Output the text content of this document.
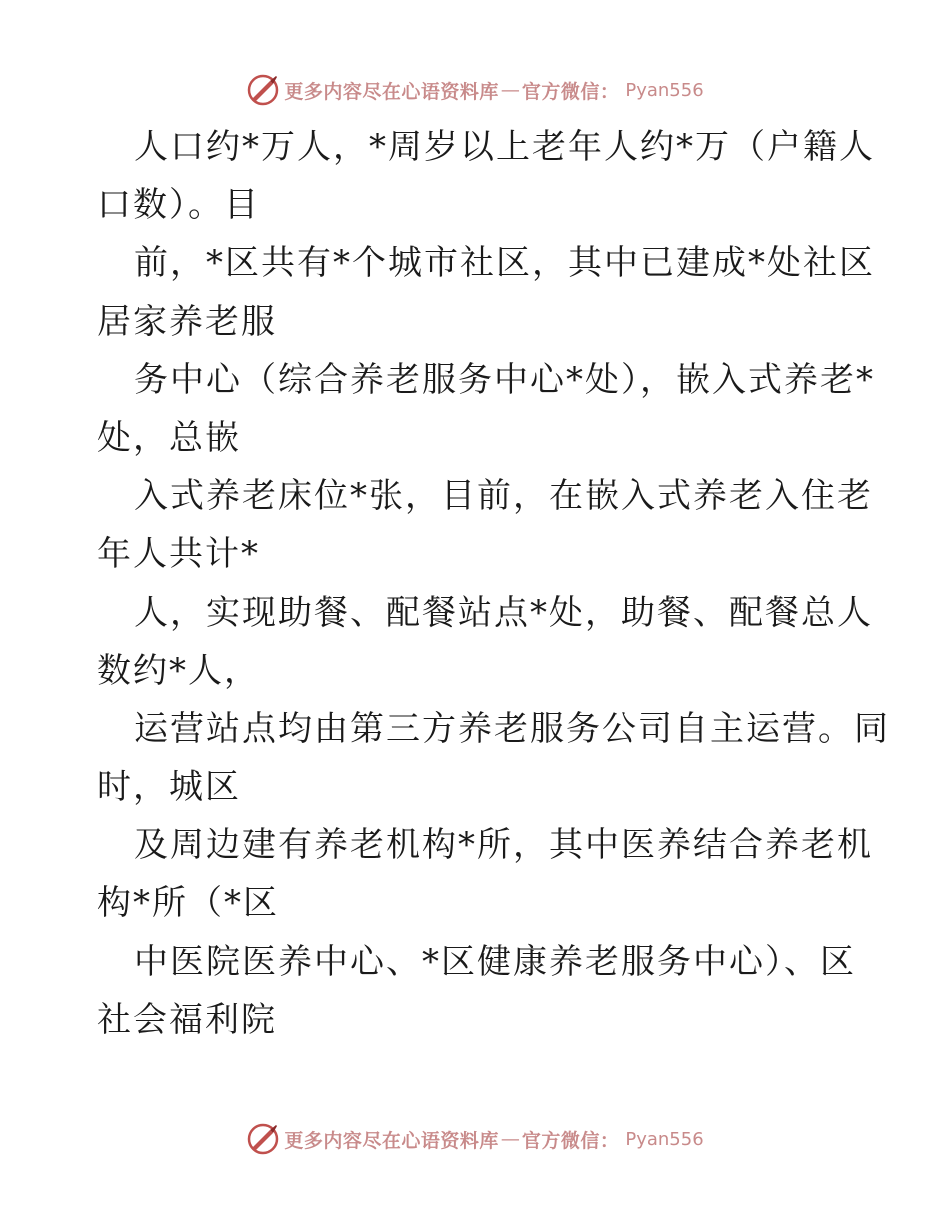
更多内容尽在心语资料库 — 官方微信： Pyan556
人口约*万人，*周岁以上老年人约*万（户籍人
口数）。目
前，*区共有*个城市社区，其中已建成*处社区
居家养老服
务中心（综合养老服务中心*处），嵌入式养老*
处，总嵌
入式养老床位*张，目前，在嵌入式养老入住老
年人共计*
人，实现助餐、配餐站点*处，助餐、配餐总人
数约*人，
运营站点均由第三方养老服务公司自主运营。同
时，城区
及周边建有养老机构*所，其中医养结合养老机
构*所（*区
中医院医养中心、*区健康养老服务中心）、区
社会福利院
更多内容尽在心语资料库 — 官方微信： Pyan556
